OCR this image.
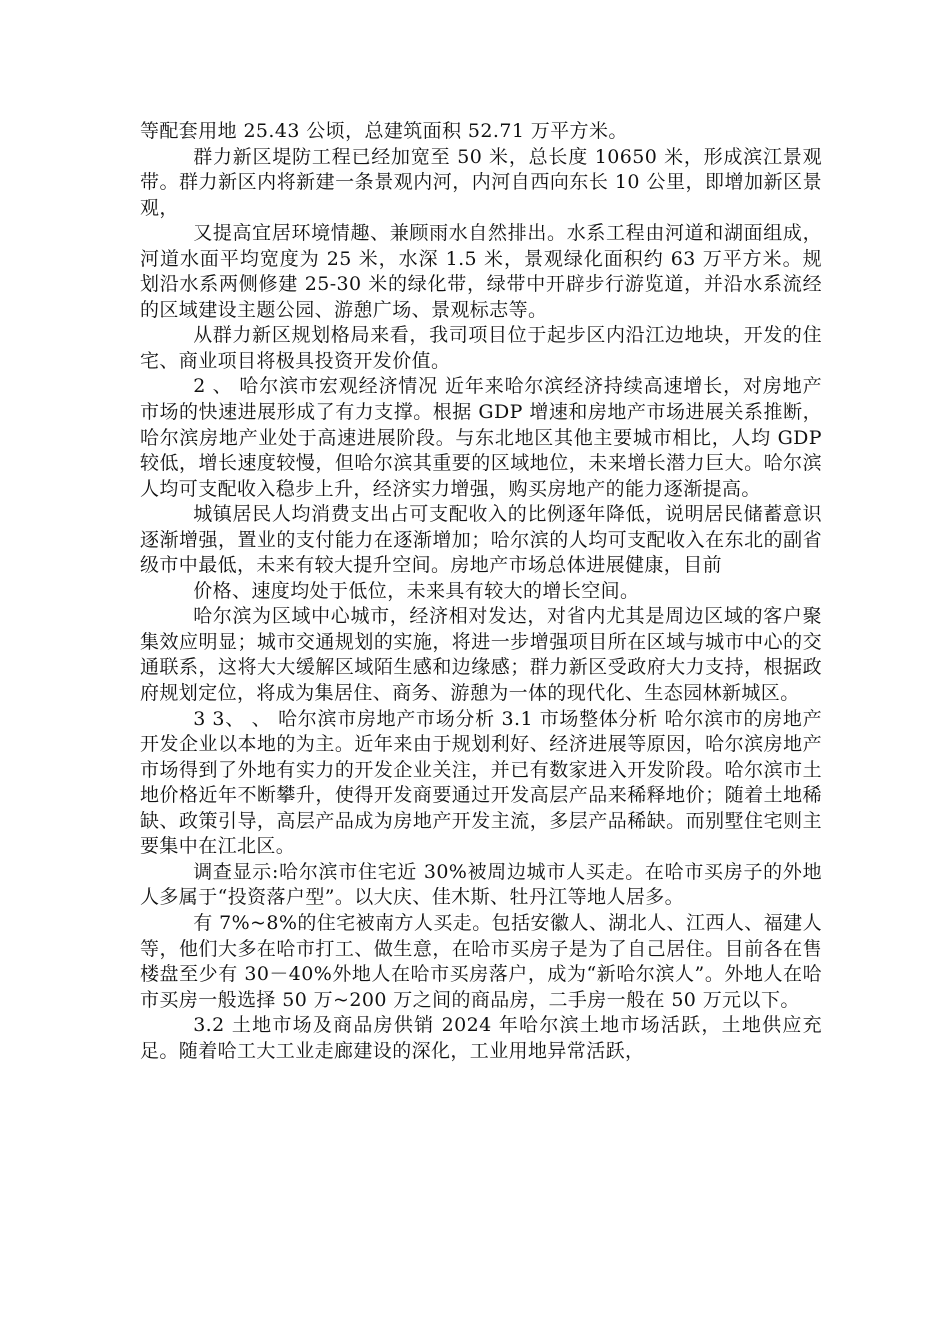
等配套用地 25.43 公顷，总建筑面积 52.71 万平方米。

群力新区堤防工程已经加宽至 50 米，总长度 10650 米，形成滨江景观带。群力新区内将新建一条景观内河，内河自西向东长 10 公里，即增加新区景观，

又提高宜居环境情趣、兼顾雨水自然排出。水系工程由河道和湖面组成，河道水面平均宽度为 25 米，水深 1.5 米，景观绿化面积约 63 万平方米。规划沿水系两侧修建 25-30 米的绿化带，绿带中开辟步行游览道，并沿水系流经的区域建设主题公园、游憩广场、景观标志等。

从群力新区规划格局来看，我司项目位于起步区内沿江边地块，开发的住宅、商业项目将极具投资开发价值。

2 、 哈尔滨市宏观经济情况 近年来哈尔滨经济持续高速增长，对房地产市场的快速进展形成了有力支撑。根据 GDP 增速和房地产市场进展关系推断，哈尔滨房地产业处于高速进展阶段。与东北地区其他主要城市相比，人均 GDP 较低，增长速度较慢，但哈尔滨其重要的区域地位，未来增长潜力巨大。哈尔滨人均可支配收入稳步上升，经济实力增强，购买房地产的能力逐渐提高。

城镇居民人均消费支出占可支配收入的比例逐年降低，说明居民储蓄意识逐渐增强，置业的支付能力在逐渐增加；哈尔滨的人均可支配收入在东北的副省级市中最低，未来有较大提升空间。房地产市场总体进展健康，目前

价格、速度均处于低位，未来具有较大的增长空间。

哈尔滨为区域中心城市，经济相对发达，对省内尤其是周边区域的客户聚集效应明显；城市交通规划的实施，将进一步增强项目所在区域与城市中心的交通联系，这将大大缓解区域陌生感和边缘感；群力新区受政府大力支持，根据政府规划定位，将成为集居住、商务、游憩为一体的现代化、生态园林新城区。

3 3、 、 哈尔滨市房地产市场分析 3.1 市场整体分析 哈尔滨市的房地产开发企业以本地的为主。近年来由于规划利好、经济进展等原因，哈尔滨房地产市场得到了外地有实力的开发企业关注，并已有数家进入开发阶段。哈尔滨市土地价格近年不断攀升，使得开发商要通过开发高层产品来稀释地价；随着土地稀缺、政策引导，高层产品成为房地产开发主流，多层产品稀缺。而别墅住宅则主要集中在江北区。

调查显示:哈尔滨市住宅近 30%被周边城市人买走。在哈市买房子的外地人多属于“投资落户型”。以大庆、佳木斯、牡丹江等地人居多。

有 7%~8%的住宅被南方人买走。包括安徽人、湖北人、江西人、福建人等，他们大多在哈市打工、做生意，在哈市买房子是为了自己居住。目前各在售楼盘至少有 30－40%外地人在哈市买房落户，成为“新哈尔滨人”。外地人在哈市买房一般选择 50 万~200 万之间的商品房，二手房一般在 50 万元以下。

3.2 土地市场及商品房供销 2024 年哈尔滨土地市场活跃，土地供应充足。随着哈工大工业走廊建设的深化，工业用地异常活跃，
